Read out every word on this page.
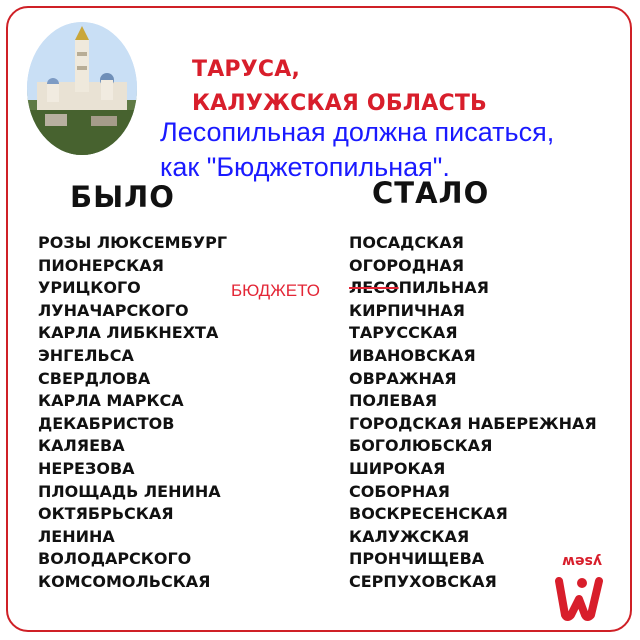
ТАРУСА,
КАЛУЖСКАЯ ОБЛАСТЬ
Лесопильная должна писаться,
как "Бюджетопильная".
БЫЛО	СТАЛО
РОЗЫ ЛЮКСЕМБУРГ
ПИОНЕРСКАЯ
УРИЦКОГО
ЛУНАЧАРСКОГО
КАРЛА ЛИБКНЕХТА
ЭНГЕЛЬСА
СВЕРДЛОВА
КАРЛА МАРКСА
ДЕКАБРИСТОВ
КАЛЯЕВА
НЕРЕЗОВА
ПЛОЩАДЬ ЛЕНИНА
ОКТЯБРЬСКАЯ
ЛЕНИНА
ВОЛОДАРСКОГО
КОМСОМОЛЬСКАЯ
ПОСАДСКАЯ
ОГОРОДНАЯ
ЛЕСОПИЛЬНАЯ
КИРПИЧНАЯ
ТАРУССКАЯ
ИВАНОВСКАЯ
ОВРАЖНАЯ
ПОЛЕВАЯ
ГОРОДСКАЯ НАБЕРЕЖНАЯ
БОГОЛЮБСКАЯ
ШИРОКАЯ
СОБОРНАЯ
ВОСКРЕСЕНСКАЯ
КАЛУЖСКАЯ
ПРОНЧИЩЕВА
СЕРПУХОВСКАЯ
БЮДЖЕТО
ysew
